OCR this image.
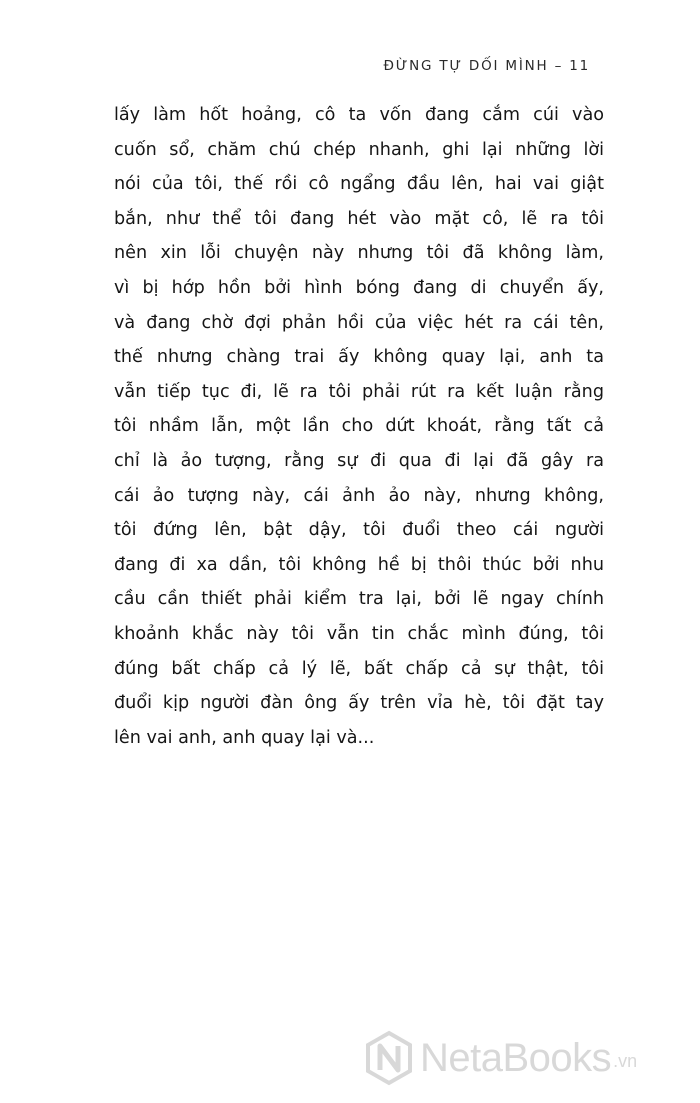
ĐỪNG TỰ DỐI MÌNH – 11
lấy làm hốt hoảng, cô ta vốn đang cắm cúi vào
cuốn sổ, chăm chú chép nhanh, ghi lại những lời
nói của tôi, thế rồi cô ngẩng đầu lên, hai vai giật
bắn, như thể tôi đang hét vào mặt cô, lẽ ra tôi
nên xin lỗi chuyện này nhưng tôi đã không làm,
vì bị hớp hồn bởi hình bóng đang di chuyển ấy,
và đang chờ đợi phản hồi của việc hét ra cái tên,
thế nhưng chàng trai ấy không quay lại, anh ta
vẫn tiếp tục đi, lẽ ra tôi phải rút ra kết luận rằng
tôi nhầm lẫn, một lần cho dứt khoát, rằng tất cả
chỉ là ảo tượng, rằng sự đi qua đi lại đã gây ra
cái ảo tượng này, cái ảnh ảo này, nhưng không,
tôi đứng lên, bật dậy, tôi đuổi theo cái người
đang đi xa dần, tôi không hề bị thôi thúc bởi nhu
cầu cần thiết phải kiểm tra lại, bởi lẽ ngay chính
khoảnh khắc này tôi vẫn tin chắc mình đúng, tôi
đúng bất chấp cả lý lẽ, bất chấp cả sự thật, tôi
đuổi kịp người đàn ông ấy trên vỉa hè, tôi đặt tay
lên vai anh, anh quay lại và...
NetaBooks .vn
